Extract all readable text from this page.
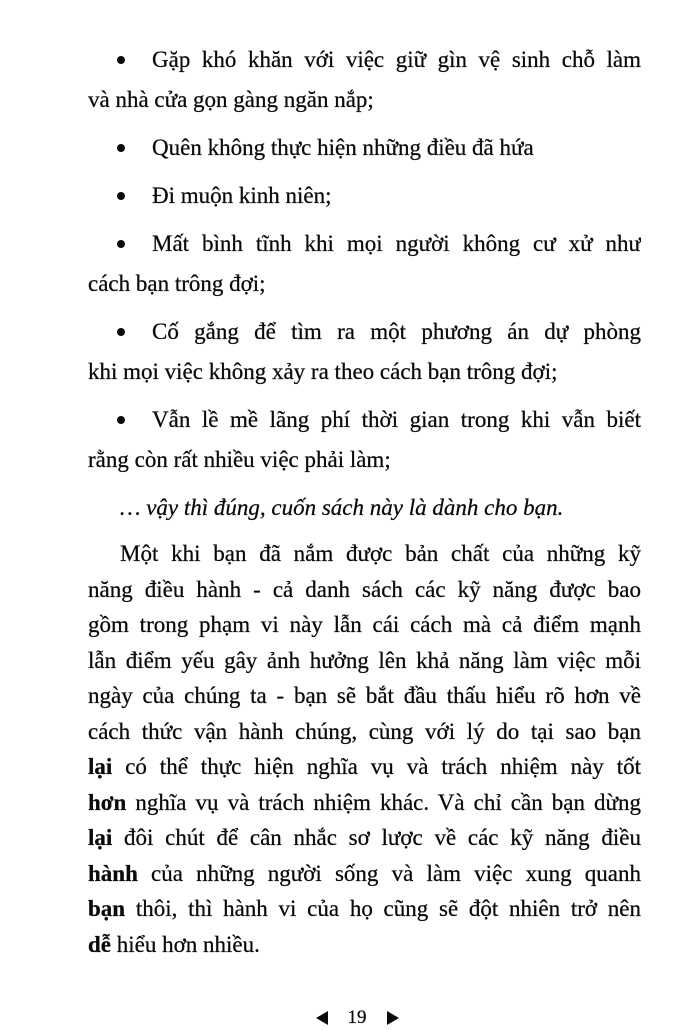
Gặp khó khăn với việc giữ gìn vệ sinh chỗ làm
và nhà cửa gọn gàng ngăn nắp;
Quên không thực hiện những điều đã hứa
Đi muộn kinh niên;
Mất bình tĩnh khi mọi người không cư xử như
cách bạn trông đợi;
Cố gắng để tìm ra một phương án dự phòng
khi mọi việc không xảy ra theo cách bạn trông đợi;
Vẫn lề mề lãng phí thời gian trong khi vẫn biết
rằng còn rất nhiều việc phải làm;
… vậy thì đúng, cuốn sách này là dành cho bạn.
Một khi bạn đã nắm được bản chất của những kỹ
năng điều hành - cả danh sách các kỹ năng được bao
gồm trong phạm vi này lẫn cái cách mà cả điểm mạnh
lẫn điểm yếu gây ảnh hưởng lên khả năng làm việc mỗi
ngày của chúng ta - bạn sẽ bắt đầu thấu hiểu rõ hơn về
cách thức vận hành chúng, cùng với lý do tại sao bạn
lại có thể thực hiện nghĩa vụ và trách nhiệm này tốt
hơn nghĩa vụ và trách nhiệm khác. Và chỉ cần bạn dừng
lại đôi chút để cân nhắc sơ lược về các kỹ năng điều
hành của những người sống và làm việc xung quanh
bạn thôi, thì hành vi của họ cũng sẽ đột nhiên trở nên
dễ hiểu hơn nhiều.
19
